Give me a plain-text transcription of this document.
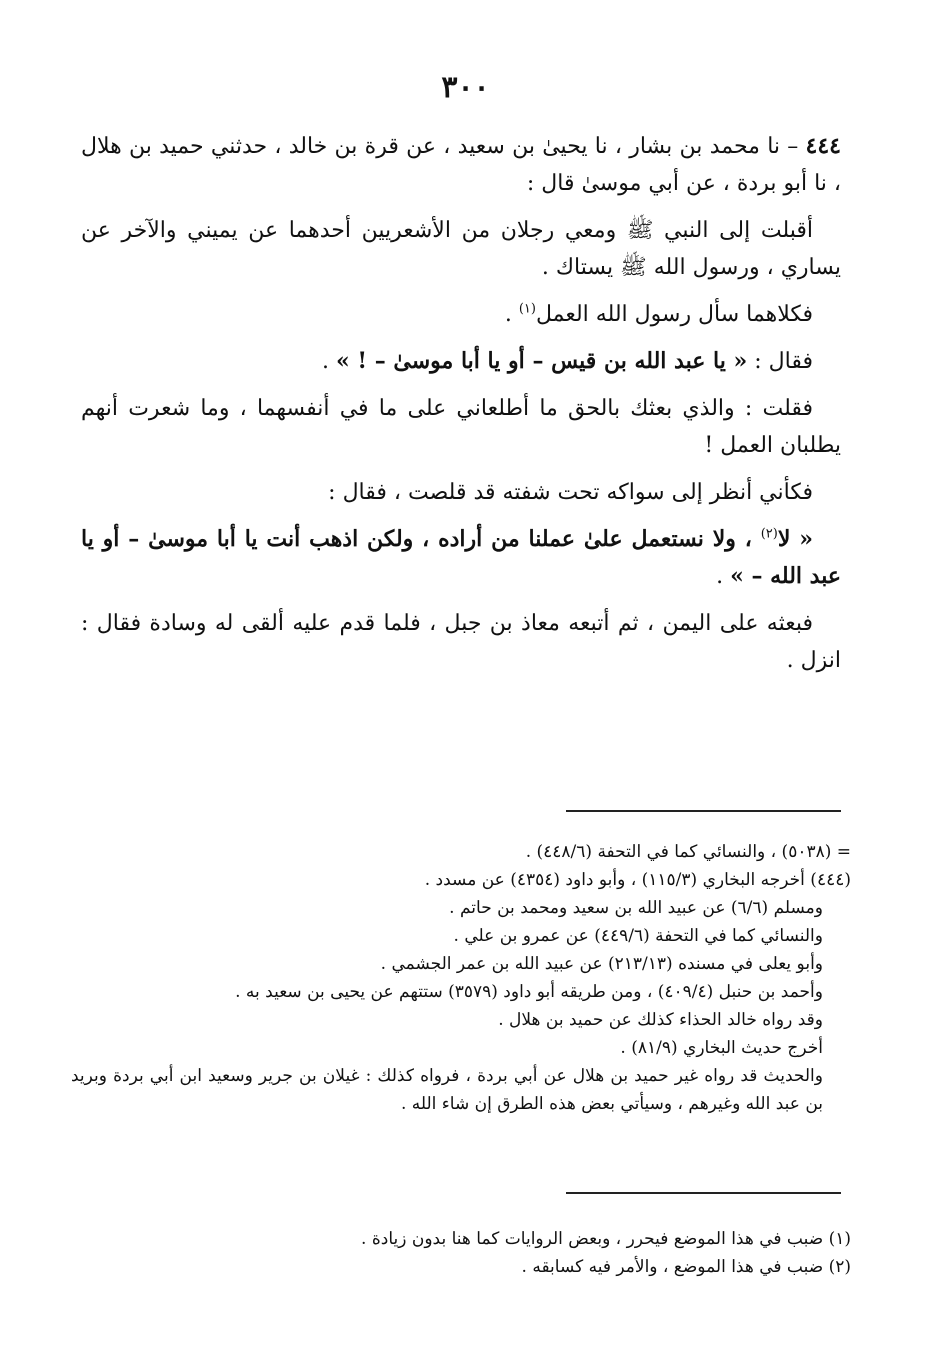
٣٠٠

٤٤٤ – نا محمد بن بشار ، نا يحيىٰ بن سعيد ، عن قرة بن خالد ، حدثني حميد بن هلال ، نا أبو بردة ، عن أبي موسىٰ قال :

أقبلت إلى النبي ﷺ ومعي رجلان من الأشعريين أحدهما عن يميني والآخر عن يساري ، ورسول الله ﷺ يستاك .

فكلاهما سأل رسول الله العمل$^{(١)}$ .

فقال : « يا عبد الله بن قيس – أو يا أبا موسىٰ – ! » .

فقلت : والذي بعثك بالحق ما أطلعاني على ما في أنفسهما ، وما شعرت أنهم يطلبان العمل !

فكأني أنظر إلى سواكه تحت شفته قد قلصت ، فقال :

« لا$^{(٢)}$ ، ولا نستعمل علىٰ عملنا من أراده ، ولكن اذهب أنت يا أبا موسىٰ – أو يا عبد الله – » .

فبعثه على اليمن ، ثم أتبعه معاذ بن جبل ، فلما قدم عليه ألقى له وسادة فقال : انزل .

= (٥٠٣٨) ، والنسائي كما في التحفة (٤٤٨/٦) .

(٤٤٤) أخرجه البخاري (١١٥/٣) ، وأبو داود (٤٣٥٤) عن مسدد .

ومسلم (٦/٦) عن عبيد الله بن سعيد ومحمد بن حاتم .

والنسائي كما في التحفة (٤٤٩/٦) عن عمرو بن علي .

وأبو يعلى في مسنده (٢١٣/١٣) عن عبيد الله بن عمر الجشمي .

وأحمد بن حنبل (٤٠٩/٤) ، ومن طريقه أبو داود (٣٥٧٩) ستتهم عن يحيى بن سعيد به .

وقد رواه خالد الحذاء كذلك عن حميد بن هلال .

أخرج حديث البخاري (٨١/٩) .

والحديث قد رواه غير حميد بن هلال عن أبي بردة ، فرواه كذلك : غيلان بن جرير وسعيد ابن أبي بردة وبريد بن عبد الله وغيرهم ، وسيأتي بعض هذه الطرق إن شاء الله .

(١) ضبب في هذا الموضع فيحرر ، وبعض الروايات كما هنا بدون زيادة .

(٢) ضبب في هذا الموضع ، والأمر فيه كسابقه .
